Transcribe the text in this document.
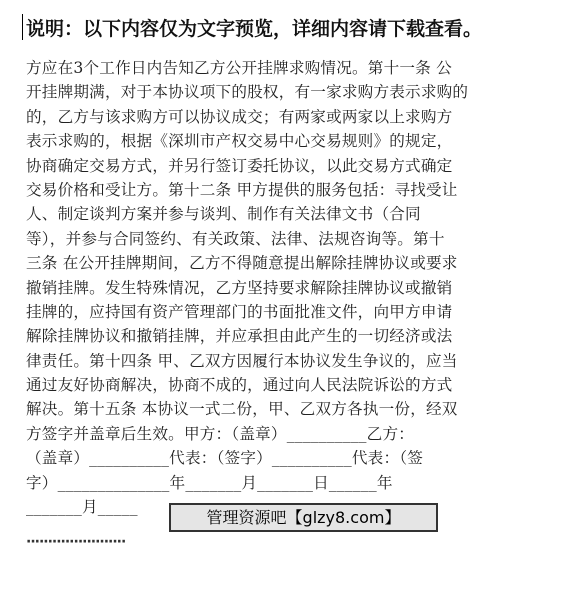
说明：以下内容仅为文字预览，详细内容请下载查看。
方应在3个工作日内告知乙方公开挂牌求购情况。第十一条 公
开挂牌期满，对于本协议项下的股权，有一家求购方表示求购的
的，乙方与该求购方可以协议成交；有两家或两家以上求购方
表示求购的，根据《深圳市产权交易中心交易规则》的规定，
协商确定交易方式，并另行签订委托协议，以此交易方式确定
交易价格和受让方。第十二条 甲方提供的服务包括：寻找受让
人、制定谈判方案并参与谈判、制作有关法律文书（合同
等），并参与合同签约、有关政策、法律、法规咨询等。第十
三条 在公开挂牌期间，乙方不得随意提出解除挂牌协议或要求
撤销挂牌。发生特殊情况，乙方坚持要求解除挂牌协议或撤销
挂牌的，应持国有资产管理部门的书面批准文件，向甲方申请
解除挂牌协议和撤销挂牌，并应承担由此产生的一切经济或法
律责任。第十四条 甲、乙双方因履行本协议发生争议的，应当
通过友好协商解决，协商不成的，通过向人民法院诉讼的方式
解决。第十五条 本协议一式二份，甲、乙双方各执一份，经双
方签字并盖章后生效。甲方：（盖章）__________乙方：
（盖章）__________代表：（签字）__________代表：（签
字）______________年_______月_______日______年
_______月_____
管理资源吧【glzy8.com】
·······················
